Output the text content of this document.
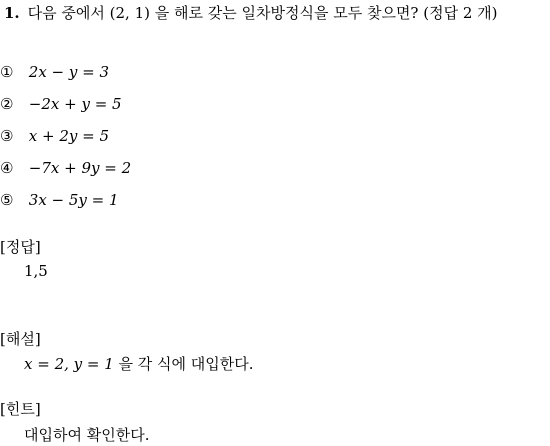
1. 다음 중에서 (2, 1) 을 해로 갖는 일차방정식을 모두 찾으면? (정답 2 개)
① 2x − y = 3
② −2x + y = 5
③ x + 2y = 5
④ −7x + 9y = 2
⑤ 3x − 5y = 1
[정답]
1,5
[해설]
x = 2, y = 1 을 각 식에 대입한다.
[힌트]
대입하여 확인한다.
